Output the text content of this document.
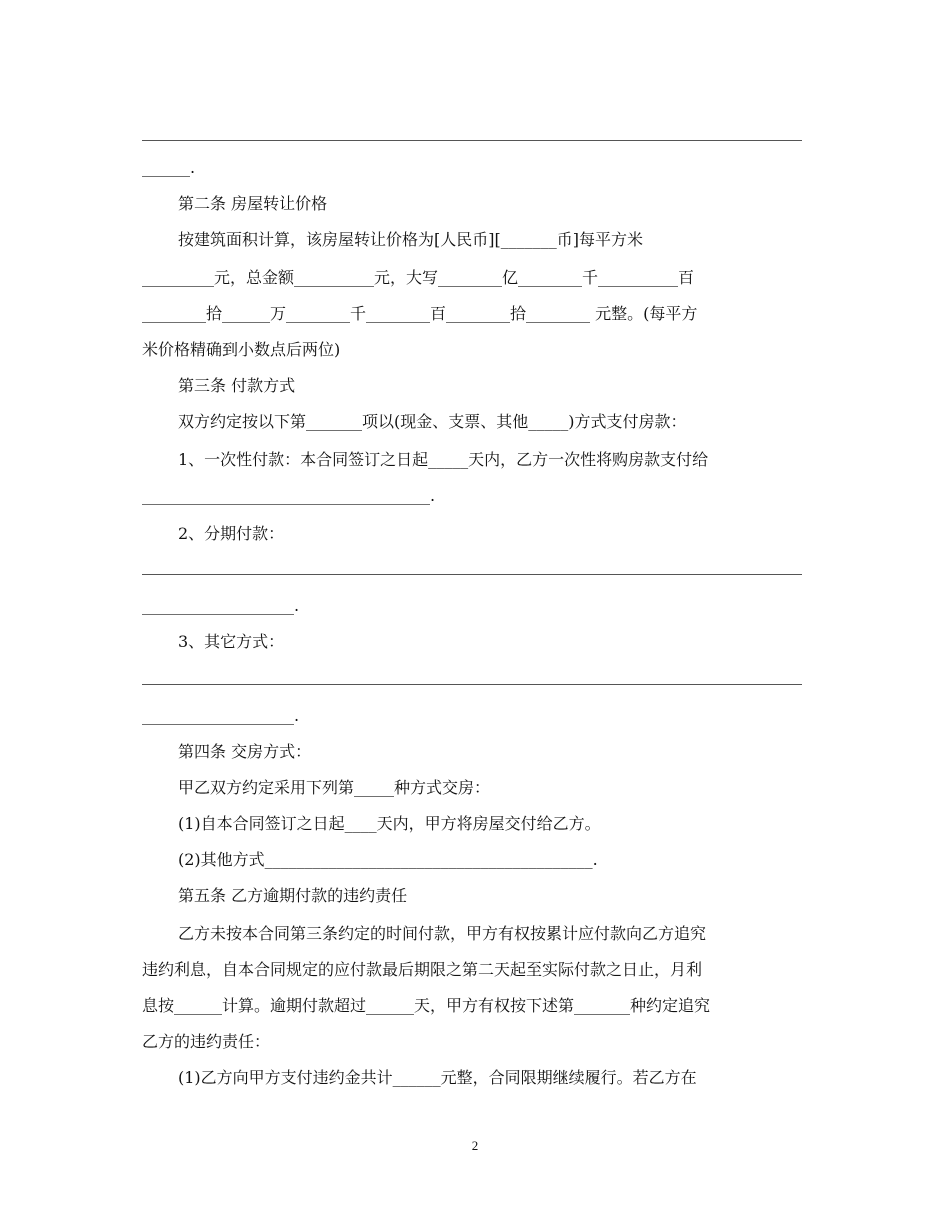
______.
第二条 房屋转让价格
按建筑面积计算，该房屋转让价格为[人民币][_______币]每平方米
_________元，总金额__________元，大写________亿________千__________百
________拾______万________千________百________拾________ 元整。(每平方
米价格精确到小数点后两位)
第三条 付款方式
双方约定按以下第_______项以(现金、支票、其他_____)方式支付房款：
1、一次性付款：本合同签订之日起_____天内，乙方一次性将购房款支付给
____________________________________.
2、分期付款：
___________________.
3、其它方式：
___________________.
第四条 交房方式：
甲乙双方约定采用下列第_____种方式交房：
(1)自本合同签订之日起____天内，甲方将房屋交付给乙方。
(2)其他方式_________________________________________.
第五条 乙方逾期付款的违约责任
乙方未按本合同第三条约定的时间付款，甲方有权按累计应付款向乙方追究
违约利息，自本合同规定的应付款最后期限之第二天起至实际付款之日止，月利
息按______计算。逾期付款超过______天，甲方有权按下述第_______种约定追究
乙方的违约责任：
(1)乙方向甲方支付违约金共计______元整，合同限期继续履行。若乙方在
2
